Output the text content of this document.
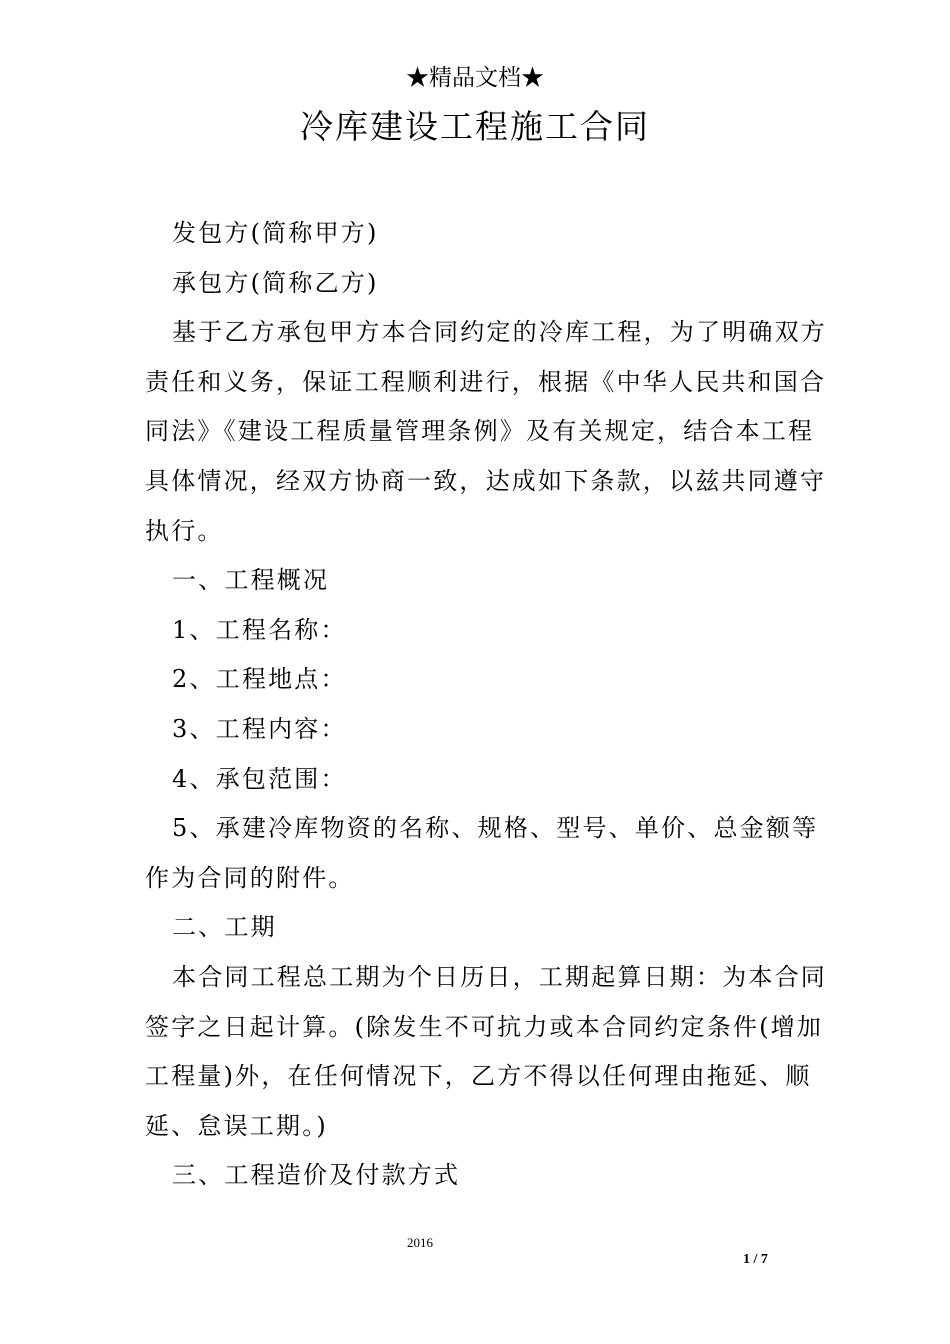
★精品文档★
冷库建设工程施工合同

发包方(简称甲方)

承包方(简称乙方)

基于乙方承包甲方本合同约定的冷库工程，为了明确双方
责任和义务，保证工程顺利进行，根据《中华人民共和国合
同法》《建设工程质量管理条例》及有关规定，结合本工程
具体情况，经双方协商一致，达成如下条款，以兹共同遵守
执行。

一、工程概况

1、工程名称：

2、工程地点：

3、工程内容：

4、承包范围：

5、承建冷库物资的名称、规格、型号、单价、总金额等
作为合同的附件。

二、工期

本合同工程总工期为个日历日，工期起算日期：为本合同
签字之日起计算。(除发生不可抗力或本合同约定条件(增加
工程量)外，在任何情况下，乙方不得以任何理由拖延、顺
延、怠误工期。)

三、工程造价及付款方式

2016
1 / 7
